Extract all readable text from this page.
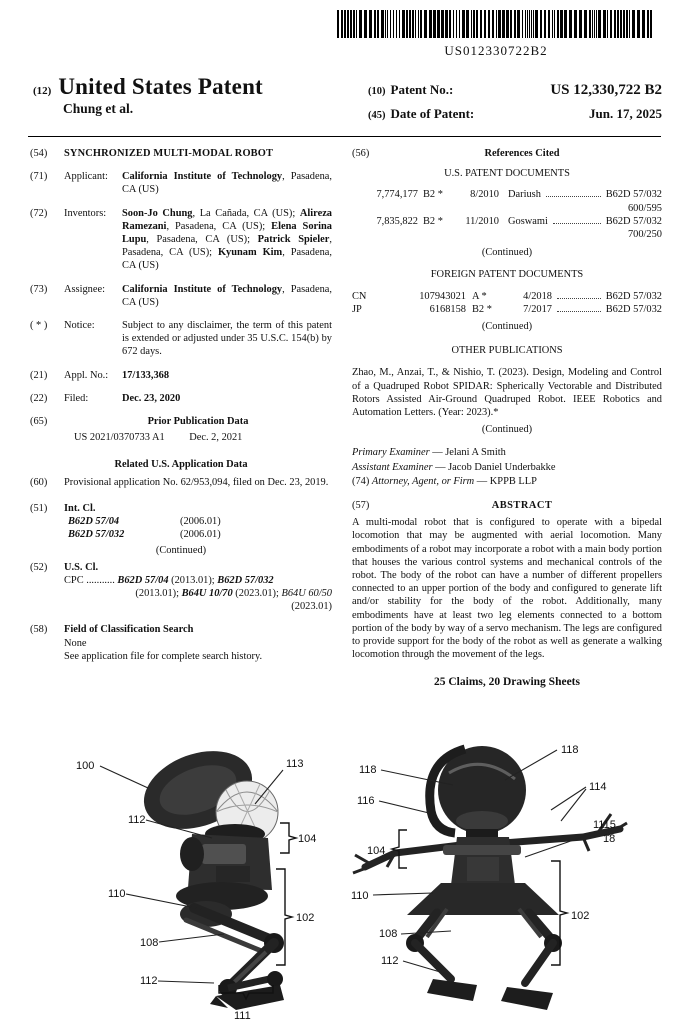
US012330722B2
(12) United States Patent
Chung et al.
(10) Patent No.:	US 12,330,722 B2
(45) Date of Patent:	Jun. 17, 2025
(54)	SYNCHRONIZED MULTI-MODAL ROBOT
(71)	Applicant:	California Institute of Technology, Pasadena, CA (US)
(72)	Inventors:	Soon-Jo Chung, La Cañada, CA (US); Alireza Ramezani, Pasadena, CA (US); Elena Sorina Lupu, Pasadena, CA (US); Patrick Spieler, Pasadena, CA (US); Kyunam Kim, Pasadena, CA (US)
(73)	Assignee:	California Institute of Technology, Pasadena, CA (US)
( * )	Notice:	Subject to any disclaimer, the term of this patent is extended or adjusted under 35 U.S.C. 154(b) by 672 days.
(21)	Appl. No.:	17/133,368
(22)	Filed:	Dec. 23, 2020
(65)	Prior Publication Data
US 2021/0370733 A1 Dec. 2, 2021
Related U.S. Application Data
(60)	Provisional application No. 62/953,094, filed on Dec. 23, 2019.
(51)	Int. Cl.
B62D 57/04	(2006.01)
B62D 57/032	(2006.01)
(Continued)
(52)	U.S. Cl.
CPC ........... B62D 57/04 (2013.01); B62D 57/032
(2013.01); B64U 10/70 (2023.01); B64U 60/50
(2023.01)
(58)	Field of Classification Search
None
See application file for complete search history.
(56)	References Cited
U.S. PATENT DOCUMENTS
7,774,177 B2 *	8/2010 Dariush	B62D 57/032
600/595
7,835,822 B2 *	11/2010 Goswami	B62D 57/032
700/250
(Continued)
FOREIGN PATENT DOCUMENTS
CN	107943021 A *	4/2018	B62D 57/032
JP	6168158 B2 *	7/2017	B62D 57/032
(Continued)
OTHER PUBLICATIONS
Zhao, M., Anzai, T., & Nishio, T. (2023). Design, Modeling and Control of a Quadruped Robot SPIDAR: Spherically Vectorable and Distributed Rotors Assisted Air-Ground Quadruped Robot. IEEE Robotics and Automation Letters. (Year: 2023).*
(Continued)
Primary Examiner — Jelani A Smith
Assistant Examiner — Jacob Daniel Underbakke
(74) Attorney, Agent, or Firm — KPPB LLP
(57)	ABSTRACT
A multi-modal robot that is configured to operate with a bipedal locomotion that may be augmented with aerial locomotion. Many embodiments of a robot may incorporate a robot with a main body portion that houses the various control systems and mechanical controls of the robot. The body of the robot can have a number of different propellers connected to an upper portion of the body and configured to generate lift and/or stability for the body of the robot. Additionally, many embodiments have at least two leg elements connected to a bottom portion of the body by way of a servo mechanism. The legs are configured to provide support for the body of the robot as well as generate a walking locomotion through the movement of the legs.
25 Claims, 20 Drawing Sheets
100	113
112
104
110
102
108
112
111
118
118
116
114
104
1115
18
110
102
108
112
